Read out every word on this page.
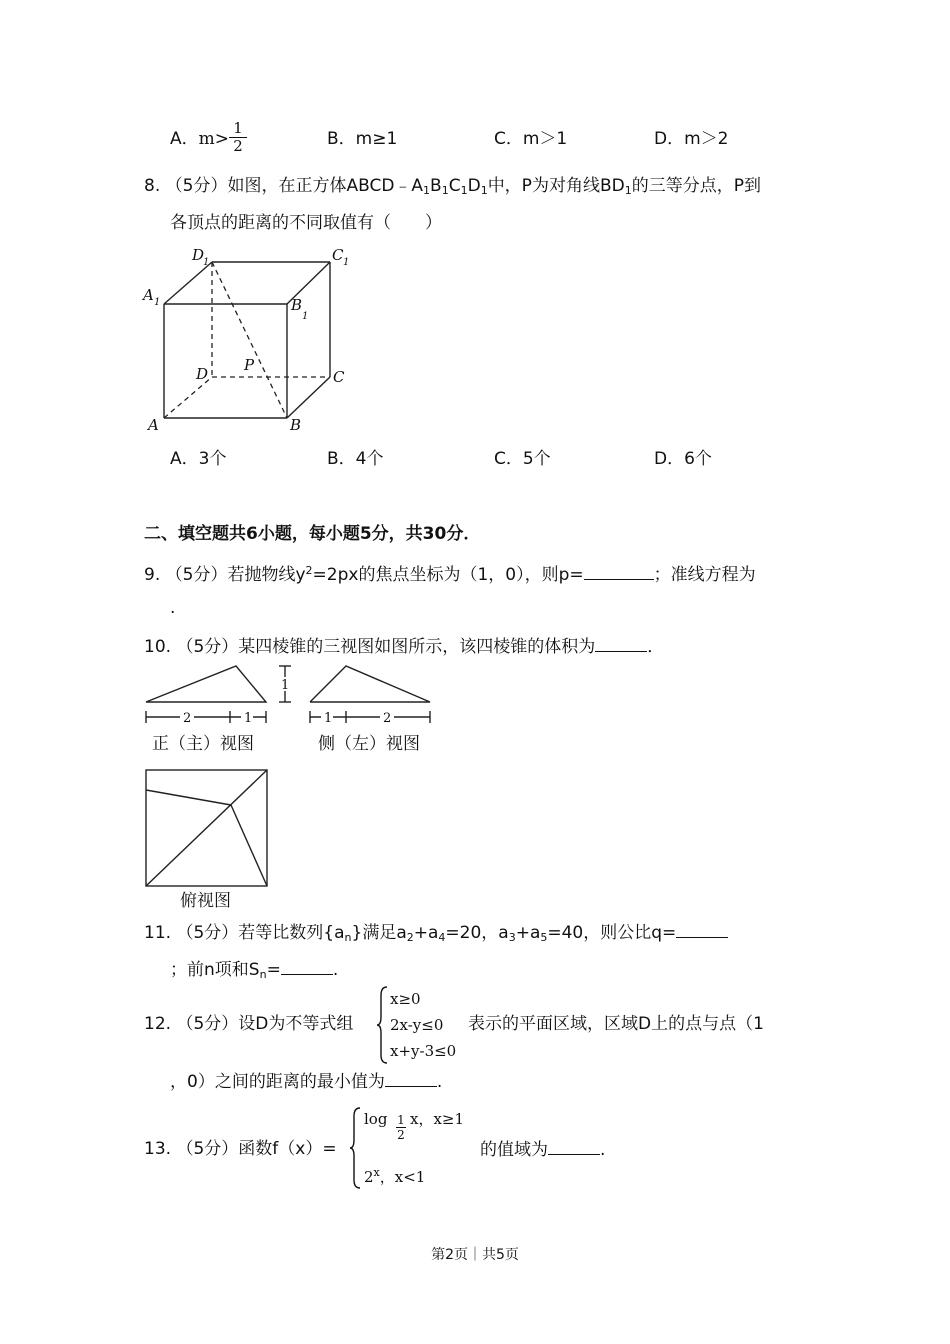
A．m>
1
2	B．m≥1	C．m＞1	D．m＞2
8. （5分）如图，在正方体$ABCD﹣A_1B_1C_1D_1$中，P为对角线$BD_1$的三等分点，P到
各顶点的距离的不同取值有（　　）
D
1	C 1
A 1	B
1
P
D	C
A	B
A．3个	B．4个	C．5个	D．6个
二、填空题共6小题，每小题5分，共30分．
9. （5分）若抛物线$y^2=2px$的焦点坐标为（1，0），则p=	；准线方程为
.
10. （5分）某四棱锥的三视图如图所示，该四棱锥的体积为	．
2	1
1
1	2
正（主）视图	侧（左）视图
俯视图
11. （5分）若等比数列$\{a_n\}$满足$a_2+a_4=20$，$a_3+a_5=40$，则公比q=
；前n项和$S_n=$	.
12. （5分）设D为不等式组
x≥0
2x-y≤0
x+y-3≤0
表示的平面区域，区域D上的点与点（1
，0）之间的距离的最小值为	.
13. （5分）函数f（x）=
log 1
2
x，x≥1
2$^x$，x<1
的值域为	.
第2页｜共5页
